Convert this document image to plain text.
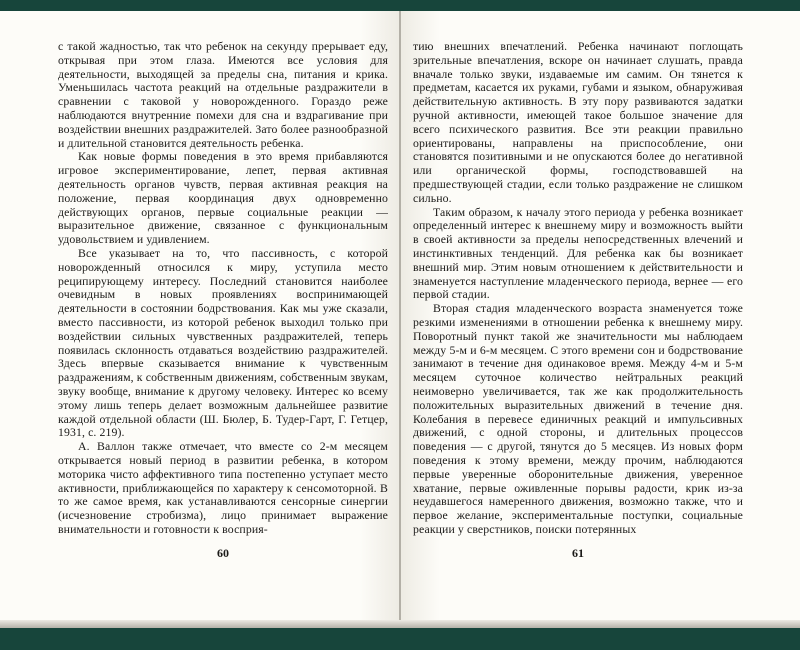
с такой жадностью, так что ребенок на секунду прерывает еду, открывая при этом глаза. Имеются все условия для деятельности, выходящей за пределы сна, питания и крика. Уменьшилась частота реакций на отдельные раздражители в сравнении с таковой у новорожденного. Гораздо реже наблюдаются внутренние помехи для сна и вздрагивание при воздействии внешних раздражителей. Зато более разнообразной и длительной становится деятельность ребенка.

Как новые формы поведения в это время прибавляются игровое экспериментирование, лепет, первая активная деятельность органов чувств, первая активная реакция на положение, первая координация двух одновременно действующих органов, первые социальные реакции — выразительное движение, связанное с функциональным удовольствием и удивлением.

Все указывает на то, что пассивность, с которой новорожденный относился к миру, уступила место реципирующему интересу. Последний становится наиболее очевидным в новых проявлениях воспринимающей деятельности в состоянии бодрствования. Как мы уже сказали, вместо пассивности, из которой ребенок выходил только при воздействии сильных чувственных раздражителей, теперь появилась склонность отдаваться воздействию раздражителей. Здесь впервые сказывается внимание к чувственным раздражениям, к собственным движениям, собственным звукам, звуку вообще, внимание к другому человеку. Интерес ко всему этому лишь теперь делает возможным дальнейшее развитие каждой отдельной области (Ш. Бюлер, Б. Тудер-Гарт, Г. Гетцер, 1931, с. 219).

А. Валлон также отмечает, что вместе со 2-м месяцем открывается новый период в развитии ребенка, в котором моторика чисто аффективного типа постепенно уступает место активности, приближающейся по характеру к сенсомоторной. В то же самое время, как устанавливаются сенсорные синергии (исчезновение стробизма), лицо принимает выражение внимательности и готовности к восприя-

60

тию внешних впечатлений. Ребенка начинают поглощать зрительные впечатления, вскоре он начинает слушать, правда вначале только звуки, издаваемые им самим. Он тянется к предметам, касается их руками, губами и языком, обнаруживая действительную активность. В эту пору развиваются задатки ручной активности, имеющей такое большое значение для всего психического развития. Все эти реакции правильно ориентированы, направлены на приспособление, они становятся позитивными и не опускаются более до негативной или органической формы, господствовавшей на предшествующей стадии, если только раздражение не слишком сильно.

Таким образом, к началу этого периода у ребенка возникает определенный интерес к внешнему миру и возможность выйти в своей активности за пределы непосредственных влечений и инстинктивных тенденций. Для ребенка как бы возникает внешний мир. Этим новым отношением к действительности и знаменуется наступление младенческого периода, вернее — его первой стадии.

Вторая стадия младенческого возраста знаменуется тоже резкими изменениями в отношении ребенка к внешнему миру. Поворотный пункт такой же значительности мы наблюдаем между 5-м и 6-м месяцем. С этого времени сон и бодрствование занимают в течение дня одинаковое время. Между 4-м и 5-м месяцем суточное количество нейтральных реакций неимоверно увеличивается, так же как продолжительность положительных выразительных движений в течение дня. Колебания в перевесе единичных реакций и импульсивных движений, с одной стороны, и длительных процессов поведения — с другой, тянутся до 5 месяцев. Из новых форм поведения к этому времени, между прочим, наблюдаются первые уверенные оборонительные движения, уверенное хватание, первые оживленные порывы радости, крик из-за неудавшегося намеренного движения, возможно также, что и первое желание, экспериментальные поступки, социальные реакции у сверстников, поиски потерянных

61
